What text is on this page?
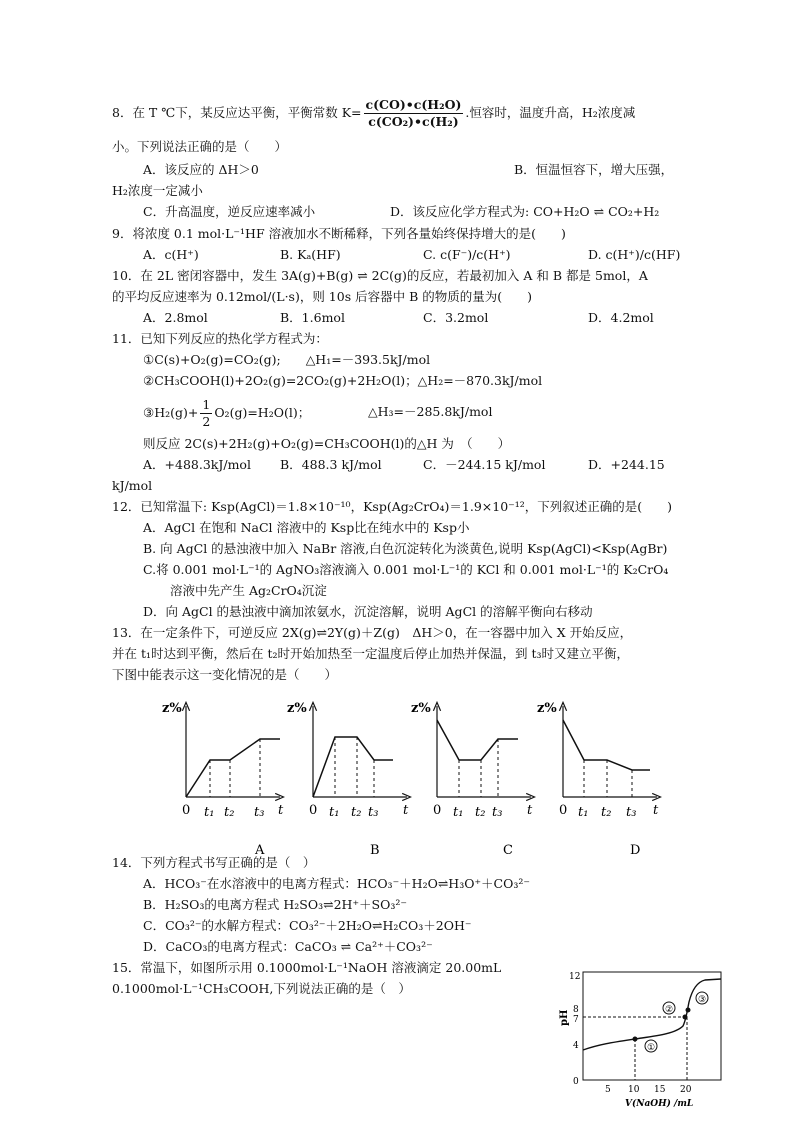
8．在 T ℃下，某反应达平衡，平衡常数 $K= \frac{\text{c(CO)•c(H₂O)}}{\text{c(CO₂)•c(H₂)}}$ .恒容时，温度升高，H₂浓度减
小。下列说法正确的是（　　）
A．该反应的 ΔH＞0	B．恒温恒容下，增大压强，
H₂浓度一定减小
C．升高温度，逆反应速率减小	D．该反应化学方程式为: CO+H₂O ⇌ CO₂+H₂
9．将浓度 0.1 mol·L⁻¹HF 溶液加水不断稀释，下列各量始终保持增大的是(　　)
A．c(H⁺)	B. Kₐ(HF)	C. c(F⁻)/c(H⁺)	D. c(H⁺)/c(HF)
10．在 2L 密闭容器中，发生 3A(g)+B(g) ⇌ 2C(g)的反应，若最初加入 A 和 B 都是 5mol，A
的平均反应速率为 0.12mol/(L·s)，则 10s 后容器中 B 的物质的量为(　　)
A．2.8mol	B．1.6mol	C．3.2mol	D．4.2mol
11．已知下列反应的热化学方程式为：
①C(s)+O₂(g)=CO₂(g);　　△H₁=－393.5kJ/mol
②CH₃COOH(l)+2O₂(g)=2CO₂(g)+2H₂O(l)；△H₂=－870.3kJ/mol
③H₂(g)+ $\frac{1}{2} O_2(g)=H_2O(l)$；	△H₃=－285.8kJ/mol
则反应 2C(s)+2H₂(g)+O₂(g)=CH₃COOH(l)的△H 为　（　　）
A．+488.3kJ/mol B．488.3 kJ/mol	C．－244.15 kJ/mol	D．+244.15
kJ/mol
12．已知常温下: Ksp(AgCl)＝1.8×10⁻¹⁰，Ksp(Ag₂CrO₄)＝1.9×10⁻¹²，下列叙述正确的是(　　)
A．AgCl 在饱和 NaCl 溶液中的 Ksp比在纯水中的 Ksp小
B. 向 AgCl 的悬浊液中加入 NaBr 溶液,白色沉淀转化为淡黄色,说明 Ksp(AgCl)<Ksp(AgBr)
C.将 0.001 mol·L⁻¹的 AgNO₃溶液滴入 0.001 mol·L⁻¹的 KCl 和 0.001 mol·L⁻¹的 K₂CrO₄
溶液中先产生 Ag₂CrO₄沉淀
D．向 AgCl 的悬浊液中滴加浓氨水，沉淀溶解，说明 AgCl 的溶解平衡向右移动
13．在一定条件下，可逆反应 2X(g)⇌2Y(g)＋Z(g)　ΔH＞0，在一容器中加入 X 开始反应，
并在 t₁时达到平衡，然后在 t₂时开始加热至一定温度后停止加热并保温，到 t₃时又建立平衡，
下图中能表示这一变化情况的是（　　）
z%
0 t₁ t₂ t₃ t
A
z%
0 t₁ t₂ t₃ t
B
z%
0 t₁ t₂ t₃ t
C
z%
0 t₁ t₂ t₃ t
D
14．下列方程式书写正确的是（　）
A．HCO₃⁻在水溶液中的电离方程式：HCO₃⁻＋H₂O⇌H₃O⁺＋CO₃²⁻
B．H₂SO₃的电离方程式 H₂SO₃⇌2H⁺＋SO₃²⁻
C．CO₃²⁻的水解方程式：CO₃²⁻＋2H₂O⇌H₂CO₃＋2OH⁻
D．CaCO₃的电离方程式：CaCO₃ ⇌ Ca²⁺＋CO₃²⁻
15．常温下，如图所示用 0.1000mol·L⁻¹NaOH 溶液滴定 20.00mL
0.1000mol·L⁻¹CH₃COOH,下列说法正确的是（　）
pH
12
8
7
4
0
5 10 15 20
V(NaOH) /mL
①
②
③
